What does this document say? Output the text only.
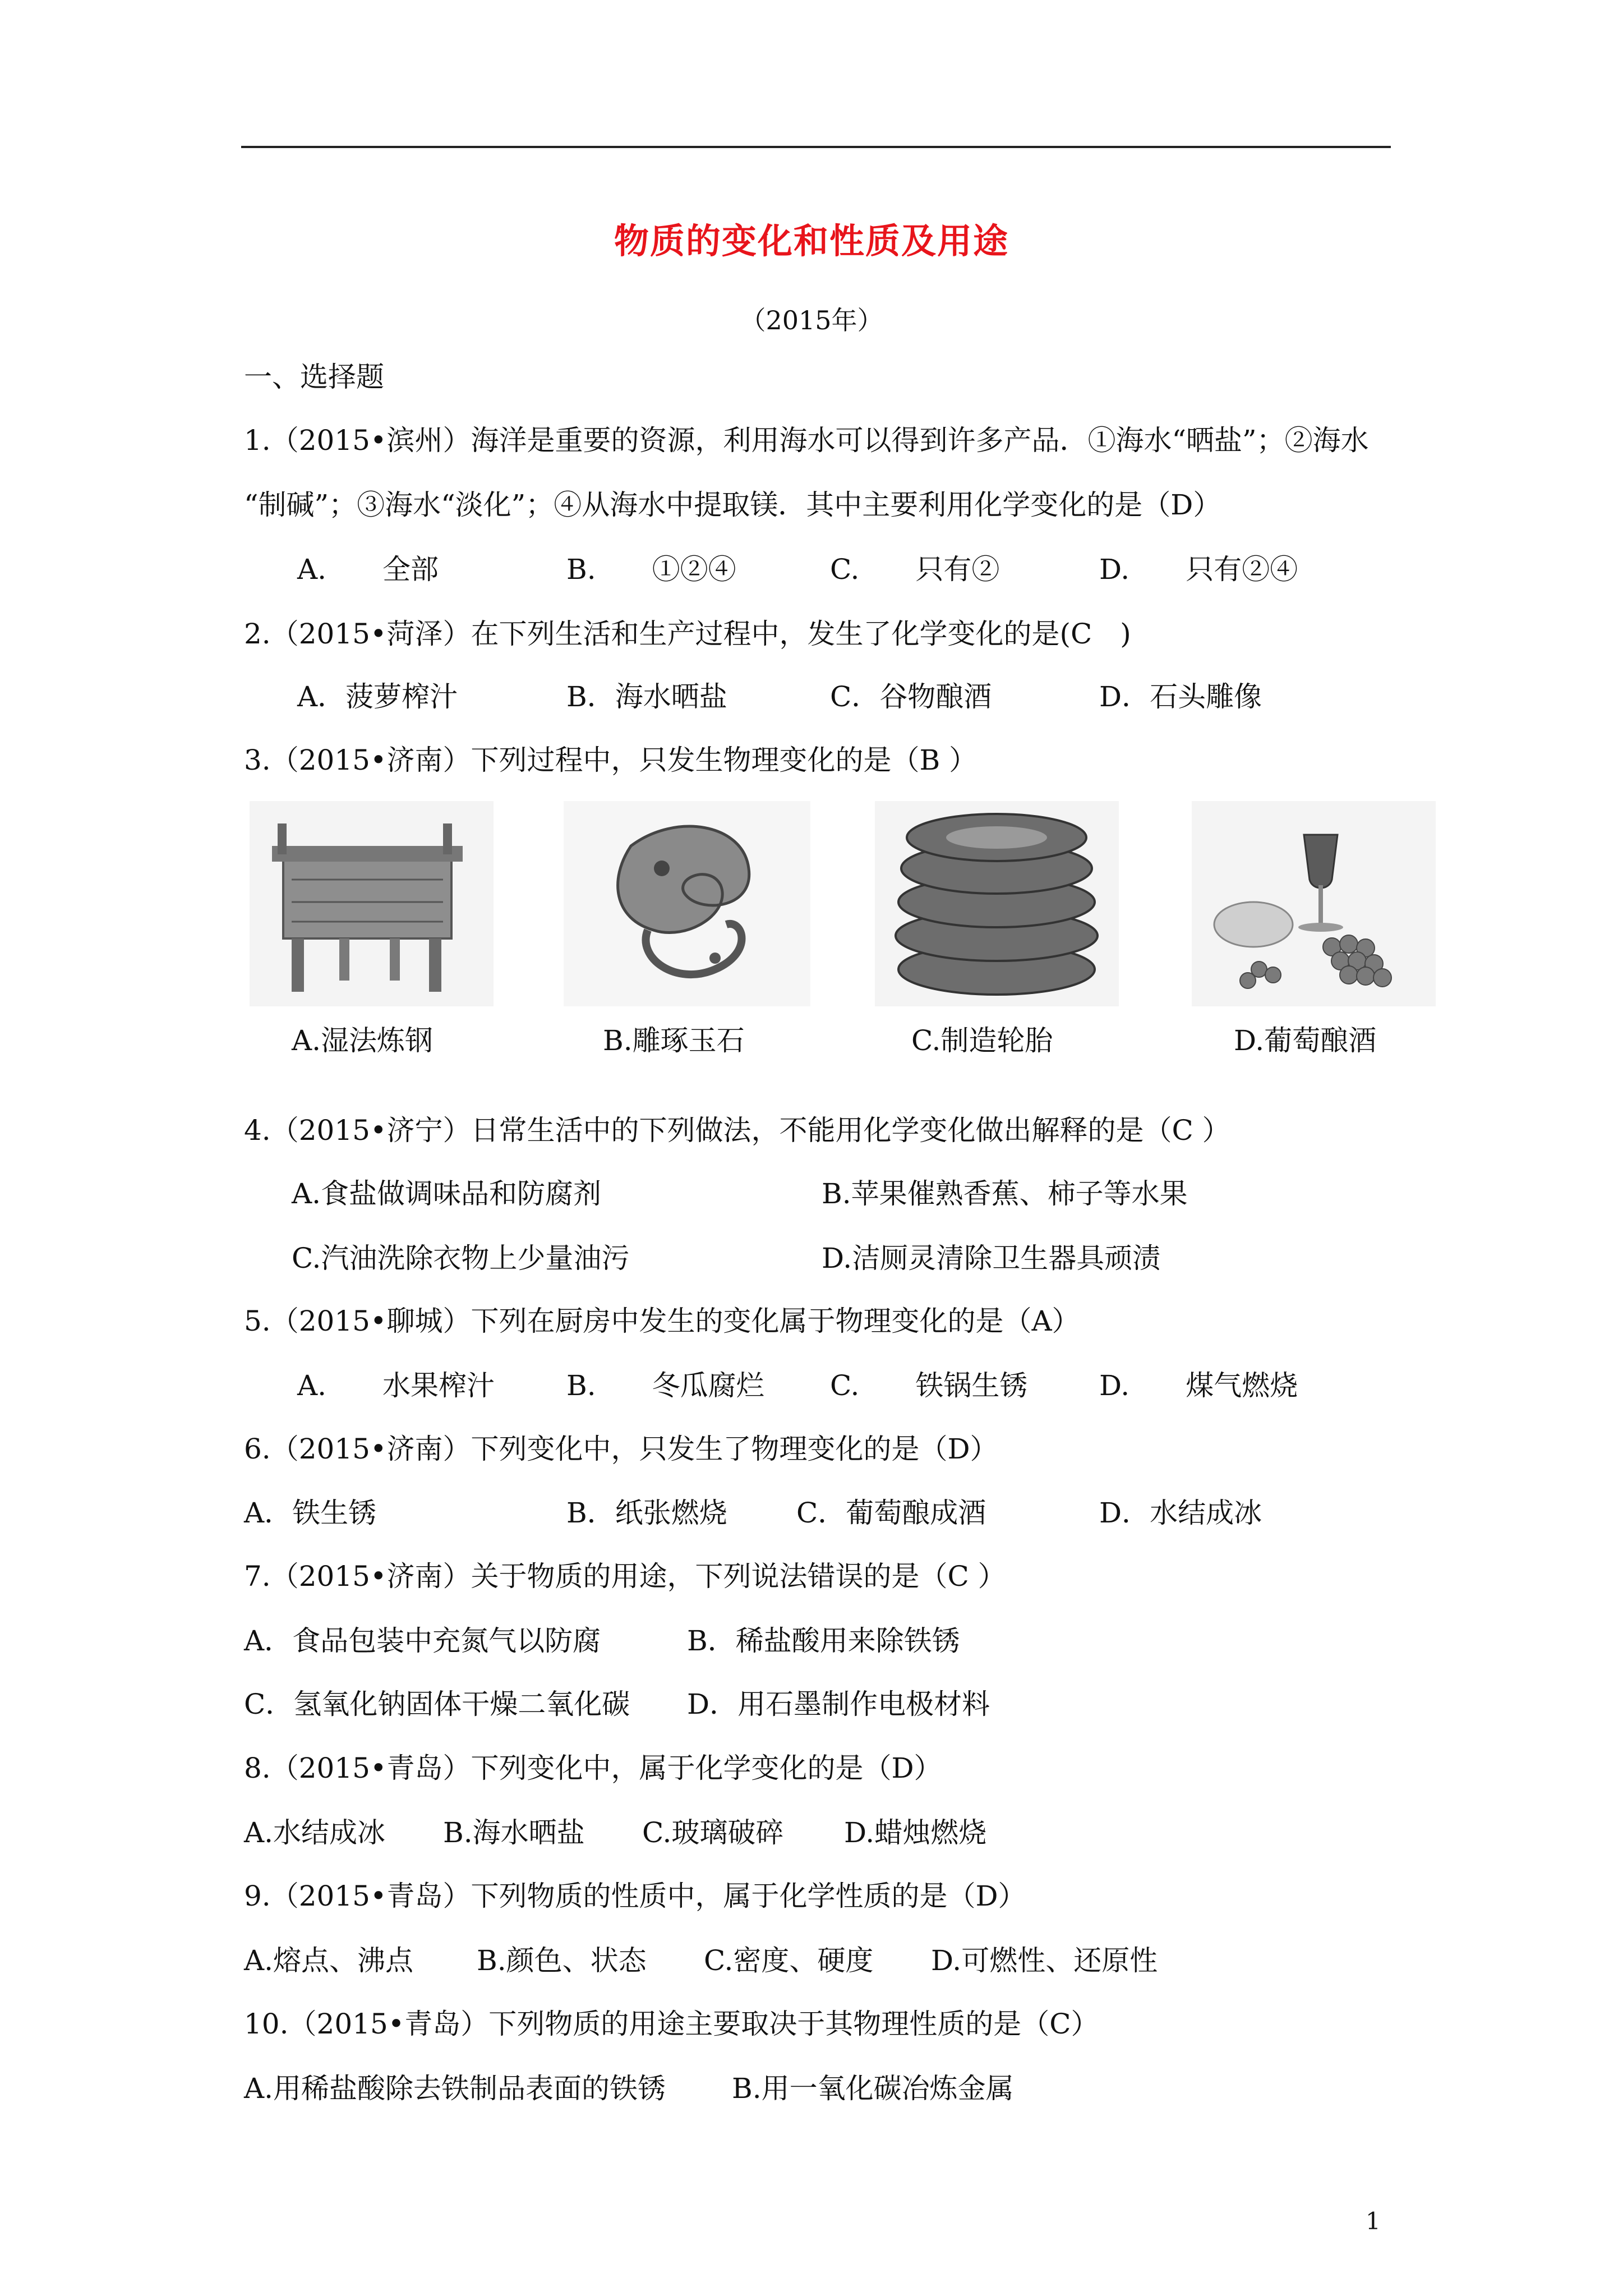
物质的变化和性质及用途
（2015年）
一、选择题
1.（2015•滨州）海洋是重要的资源，利用海水可以得到许多产品．①海水“晒盐”；②海水
“制碱”；③海水“淡化”；④从海水中提取镁．其中主要利用化学变化的是（D）
A.　　全部	B.　　①②④	C.　　只有②	D.　　只有②④
2.（2015•菏泽）在下列生活和生产过程中，发生了化学变化的是(C　)
A．菠萝榨汁	B．海水晒盐	C．谷物酿酒	D．石头雕像
3.（2015•济南）下列过程中，只发生物理变化的是（B ）
A.湿法炼钢	B.雕琢玉石	C.制造轮胎	D.葡萄酿酒
4.（2015•济宁）日常生活中的下列做法，不能用化学变化做出解释的是（C ）
A.食盐做调味品和防腐剂	B.苹果催熟香蕉、柿子等水果
C.汽油洗除衣物上少量油污	D.洁厕灵清除卫生器具顽渍
5.（2015•聊城）下列在厨房中发生的变化属于物理变化的是（A）
A.　　水果榨汁	B.　　冬瓜腐烂 C.　　铁锅生锈	D.　　煤气燃烧
6.（2015•济南）下列变化中，只发生了物理变化的是（D）
A．铁生锈	B．纸张燃烧 C．葡萄酿成酒	D．水结成冰
7.（2015•济南）关于物质的用途，下列说法错误的是（C ）
A．食品包装中充氮气以防腐	B．稀盐酸用来除铁锈
C．氢氧化钠固体干燥二氧化碳 D．用石墨制作电极材料
8.（2015•青岛）下列变化中，属于化学变化的是（D）
A.水结成冰 B.海水晒盐 C.玻璃破碎 D.蜡烛燃烧
9.（2015•青岛）下列物质的性质中，属于化学性质的是（D）
A.熔点、沸点 B.颜色、状态 C.密度、硬度 D.可燃性、还原性
10.（2015•青岛）下列物质的用途主要取决于其物理性质的是（C）
A.用稀盐酸除去铁制品表面的铁锈 B.用一氧化碳冶炼金属
1
